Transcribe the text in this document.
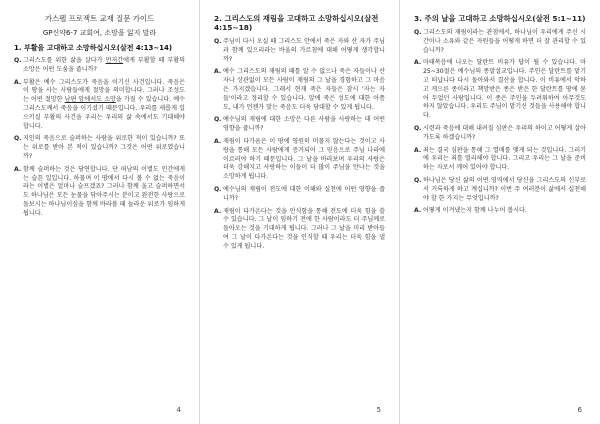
가스펠 프로젝트 교재 질문 가이드
GP신약6-7 교회여, 소망을 잃지 말라
1. 부활을 고대하고 소망하십시오(살전 4:13~14)
Q. 그리스도를 위한 삶을 살다가 먼저간에게 부활할 때 부활의 소망은 어떤 도움을 줍니까?
A. 부활은 예수 그리스도가 죽음을 이기신 사건입니다. 죽음은 이 땅을 사는 사람들에게 절망을 의미합니다. 그러나 조성도는 어떤 절망한 남편 앞에서도 소망을 가질 수 있습니다. 예수 그리스도께서 죽음을 이기셨기 때문입니다. 우리를 새롭게 일으키실 부활의 사건을 우리는 우리의 삶 속에서도 기대해야 합니다.
Q. 지인의 죽음으로 슬퍼하는 사람을 위로한 적이 있습니까? 또는 위로를 받아 본 적이 있습니까? 그것은 어떤 위로였습니까?
A. 함께 슬퍼하는 것은 당연합니다. 단 떠남의 이별도 인간에게는 슬픈 일입니다. 하물며 이 땅에서 다시 볼 수 없는 죽음이라는 이별은 얼마나 슬프겠죠? 그러나 함께 울고 슬퍼하면서도 하나님은 모든 눈물을 닦아주시는 분이고 완전한 사랑으로 돌보시는 하나님이심을 함께 바라볼 때 놀라운 위로가 임하게 됩니다.
4
2. 그리스도의 재림을 고대하고 소망하십시오(살전 4:15~18)
Q. 주님이 다시 오실 때 그리스도 안에서 죽은 자와 산 자가 주님과 함께 있으리라는 바울의 가르침에 대해 어떻게 생각합니까?
A. 예수 그리스도의 재림의 때를 알 수 없으나 죽은 자들이나 산자나 상관없이 모든 사람이 재림의 그 날을 경험하고 그 마음은 가지겠습니다. 그래서 현재 죽은 자들은 잠시 '자는 자들'이라고 정리할 수 있습니다. 앞에 죽은 성도에 대한 아픔도, 내가 언젠가 맞는 죽음도 더욱 담대할 수 있게 됩니다.
Q. 예수님의 재림에 대한 소망은 다른 사람을 사랑하는 데 어떤 영향을 줍니까?
A. 재림이 다가옴은 이 땅에 영원히 머물지 않는다는 것이고 사랑을 통해 모든 사람에게 증거되어 그 믿음으로 주님 나라에 이르러야 하기 때문입니다. 그 날을 바라보며 우리의 사랑은 더욱 강해지고 사랑하는 이들이 더 많이 주님을 만나는 것을 소망하게 됩니다.
Q. 예수님의 재림이 전도에 대한 이해와 실천에 어떤 영향을 줍니까?
A. 재림이 다가온다는 것을 인식함을 통해 전도에 더욱 힘을 쓸 수 있습니다. 그 날이 임하기 전에 한 사람이라도 더 주님께로 돌아오는 것을 기대하게 됩니다. 그러나 그 날을 미리 받아들여 그 날이 다가온다는 것을 인식할 때 우리는 더욱 힘을 낼 수 있게 됩니다.
5
3. 주의 날을 고대하고 소망하십시오(살전 5:1~11)
Q. 그리스도의 재림이라는 관점에서, 하나님이 우리에게 주신 시간이나 소유와 같은 자원들을 어떻게 하면 더 잘 관리할 수 있습니까?
A. 마태복음에 나오는 달란트 비유가 답이 될 수 있습니다. 마 25~30절은 예수님의 종말설교입니다. 주인은 달란트를 맡기고 떠납니다 다시 돌아와서 결산을 합니다. 이 비유에서 악하고 게으른 종이라고 책망받은 종은 받은 한 달란트를 땅에 묻어 두었던 사람입니다. 이 종은 주인을 두려워하여 아무것도 하지 않았습니다. 우리도 주님이 맡기신 것들을 사용해야 합니다.
Q. 시련과 죽음에 대해 내려질 심판은 우리의 하이고 어떻게 살아가도록 하겠습니까?
A. 죄는 결국 심판을 통해 그 열매를 맺게 되는 것입니다. 그러기에 우리는 죄를 멀리해야 합니다. 그리고 우리는 그 날을 준비하는 자로서 깨어 있어야 합니다.
Q. 하나님은 당신 삶의 어떤 영역에서 당신을 그리스도의 신부로서 거룩하게 하고 계십니까? 이번 주 여러분이 삶에서 실천해야 할 한 가지는 무엇입니까?
A. 어떻게 이겨냈는지 함께 나누어 봅시다.
6
